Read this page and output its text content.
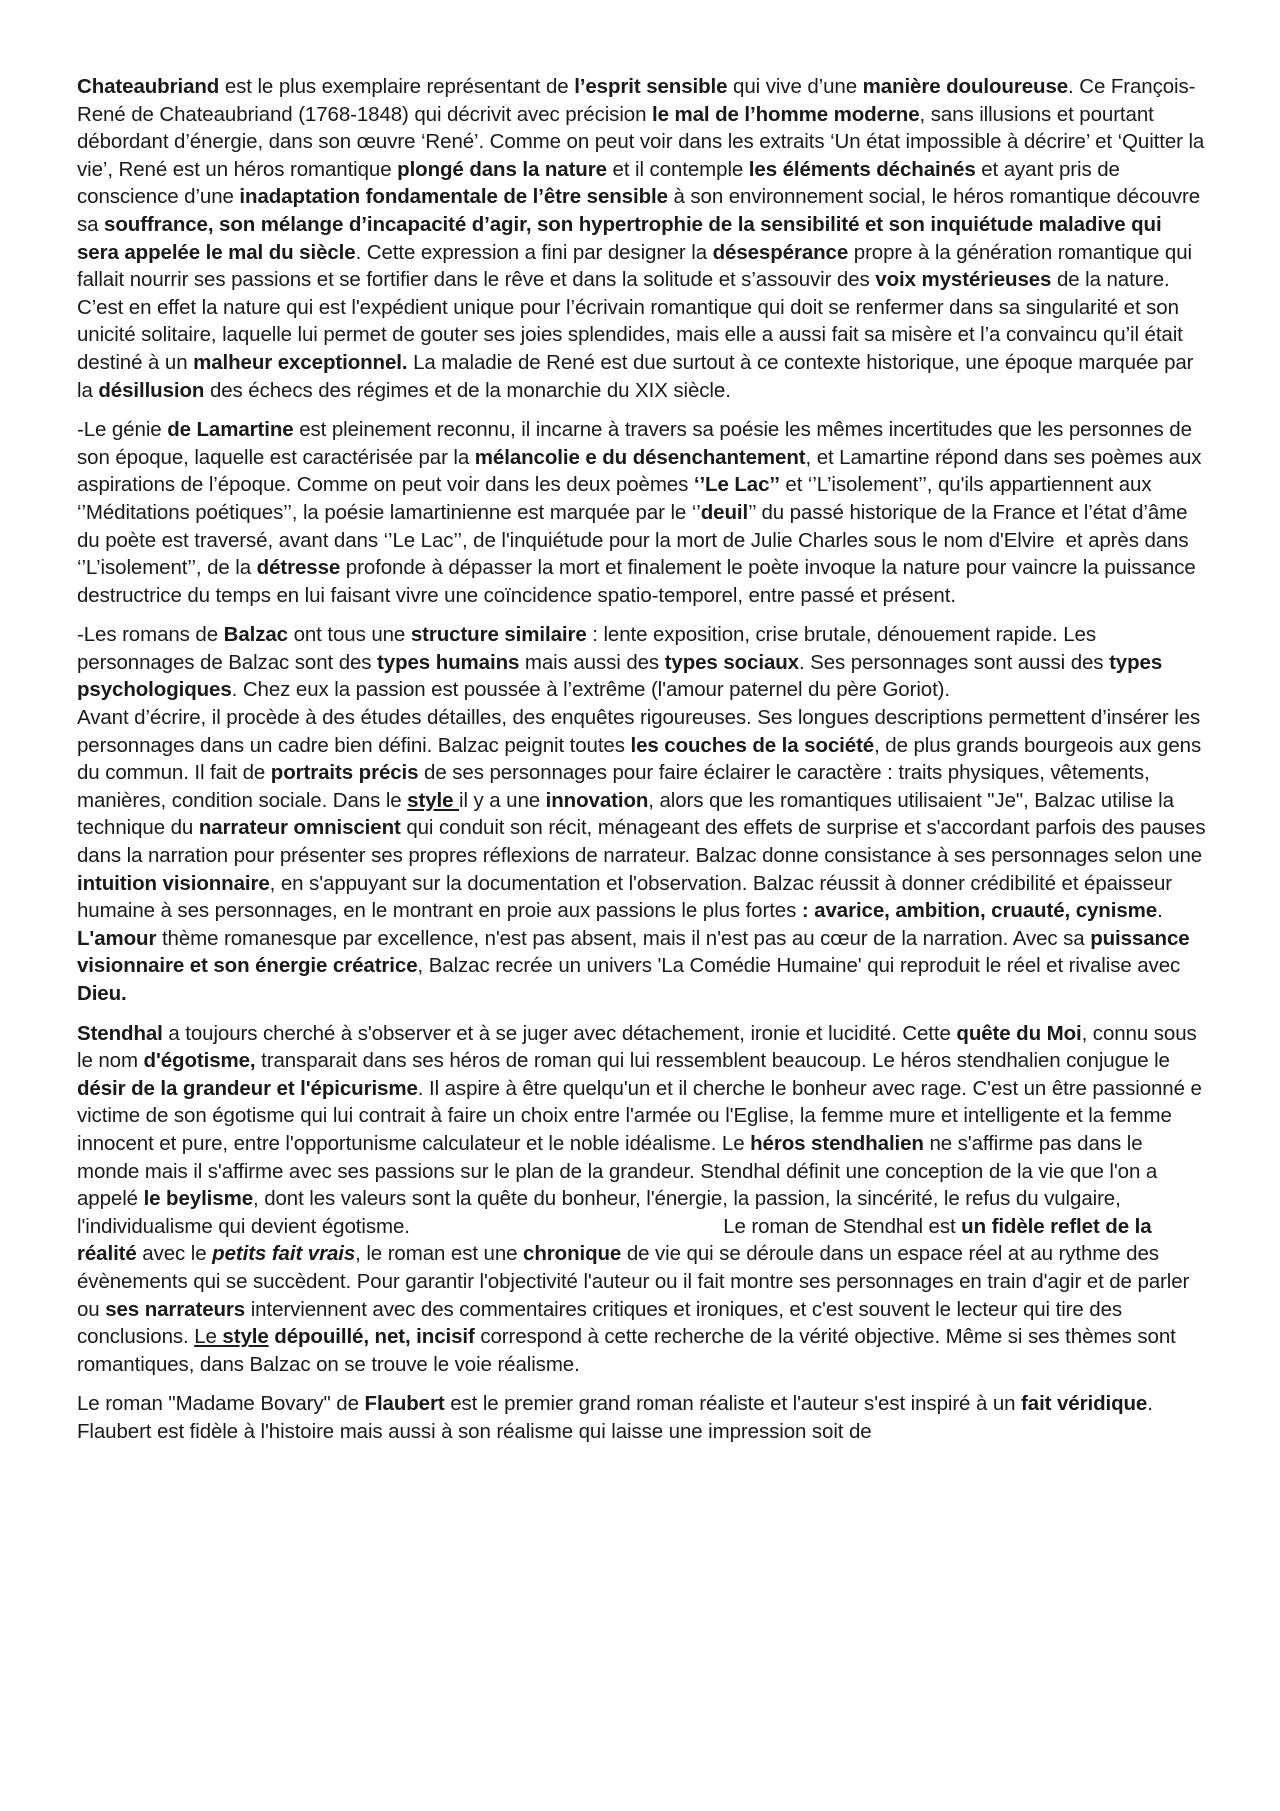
Chateaubriand est le plus exemplaire représentant de l’esprit sensible qui vive d’une manière douloureuse. Ce François-René de Chateaubriand (1768-1848) qui décrivit avec précision le mal de l’homme moderne, sans illusions et pourtant débordant d’énergie, dans son œuvre ‘René’. Comme on peut voir dans les extraits ‘Un état impossible à décrire’ et ‘Quitter la vie’, René est un héros romantique plongé dans la nature et il contemple les éléments déchainés et ayant pris de conscience d’une inadaptation fondamentale de l’être sensible à son environnement social, le héros romantique découvre sa souffrance, son mélange d’incapacité d’agir, son hypertrophie de la sensibilité et son inquiétude maladive qui sera appelée le mal du siècle. Cette expression a fini par designer la désespérance propre à la génération romantique qui fallait nourrir ses passions et se fortifier dans le rêve et dans la solitude et s’assouvir des voix mystérieuses de la nature. C’est en effet la nature qui est l'expédient unique pour l’écrivain romantique qui doit se renfermer dans sa singularité et son unicité solitaire, laquelle lui permet de gouter ses joies splendides, mais elle a aussi fait sa misère et l’a convaincu qu’il était destiné à un malheur exceptionnel. La maladie de René est due surtout à ce contexte historique, une époque marquée par la désillusion des échecs des régimes et de la monarchie du XIX siècle.

-Le génie de Lamartine est pleinement reconnu, il incarne à travers sa poésie les mêmes incertitudes que les personnes de son époque, laquelle est caractérisée par la mélancolie e du désenchantement, et Lamartine répond dans ses poèmes aux aspirations de l’époque. Comme on peut voir dans les deux poèmes ‘’Le Lac’’ et ‘’L’isolement’’, qu'ils appartiennent aux ‘’Méditations poétiques’’, la poésie lamartinienne est marquée par le ‘’deuil’’ du passé historique de la France et l’état d’âme du poète est traversé, avant dans ‘’Le Lac’’, de l'inquiétude pour la mort de Julie Charles sous le nom d'Elvire  et après dans ‘’L’isolement’’, de la détresse profonde à dépasser la mort et finalement le poète invoque la nature pour vaincre la puissance destructrice du temps en lui faisant vivre une coïncidence spatio-temporel, entre passé et présent.

-Les romans de Balzac ont tous une structure similaire : lente exposition, crise brutale, dénouement rapide. Les personnages de Balzac sont des types humains mais aussi des types sociaux. Ses personnages sont aussi des types psychologiques. Chez eux la passion est poussée à l’extrême (l'amour paternel du père Goriot).                                                      Avant d’écrire, il procède à des études détailles, des enquêtes rigoureuses. Ses longues descriptions permettent d’insérer les personnages dans un cadre bien défini. Balzac peignit toutes les couches de la société, de plus grands bourgeois aux gens du commun. Il fait de portraits précis de ses personnages pour faire éclairer le caractère : traits physiques, vêtements, manières, condition sociale. Dans le style il y a une innovation, alors que les romantiques utilisaient "Je", Balzac utilise la technique du narrateur omniscient qui conduit son récit, ménageant des effets de surprise et s'accordant parfois des pauses dans la narration pour présenter ses propres réflexions de narrateur. Balzac donne consistance à ses personnages selon une intuition visionnaire, en s'appuyant sur la documentation et l'observation. Balzac réussit à donner crédibilité et épaisseur humaine à ses personnages, en le montrant en proie aux passions le plus fortes : avarice, ambition, cruauté, cynisme. L'amour thème romanesque par excellence, n'est pas absent, mais il n'est pas au cœur de la narration. Avec sa puissance visionnaire et son énergie créatrice, Balzac recrée un univers 'La Comédie Humaine' qui reproduit le réel et rivalise avec Dieu.

Stendhal a toujours cherché à s'observer et à se juger avec détachement, ironie et lucidité. Cette quête du Moi, connu sous le nom d'égotisme, transparait dans ses héros de roman qui lui ressemblent beaucoup. Le héros stendhalien conjugue le désir de la grandeur et l'épicurisme. Il aspire à être quelqu'un et il cherche le bonheur avec rage. C'est un être passionné e victime de son égotisme qui lui contrait à faire un choix entre l'armée ou l'Eglise, la femme mure et intelligente et la femme innocent et pure, entre l'opportunisme calculateur et le noble idéalisme. Le héros stendhalien ne s'affirme pas dans le monde mais il s'affirme avec ses passions sur le plan de la grandeur. Stendhal définit une conception de la vie que l'on a appelé le beylisme, dont les valeurs sont la quête du bonheur, l'énergie, la passion, la sincérité, le refus du vulgaire, l'individualisme qui devient égotisme.                                                        Le roman de Stendhal est un fidèle reflet de la réalité avec le petits fait vrais, le roman est une chronique de vie qui se déroule dans un espace réel at au rythme des évènements qui se succèdent. Pour garantir l'objectivité l'auteur ou il fait montre ses personnages en train d'agir et de parler ou ses narrateurs interviennent avec des commentaires critiques et ironiques, et c'est souvent le lecteur qui tire des conclusions. Le style dépouillé, net, incisif correspond à cette recherche de la vérité objective. Même si ses thèmes sont romantiques, dans Balzac on se trouve le voie réalisme.

Le roman "Madame Bovary" de Flaubert est le premier grand roman réaliste et l'auteur s'est inspiré à un fait véridique. Flaubert est fidèle à l'histoire mais aussi à son réalisme qui laisse une impression soit de
